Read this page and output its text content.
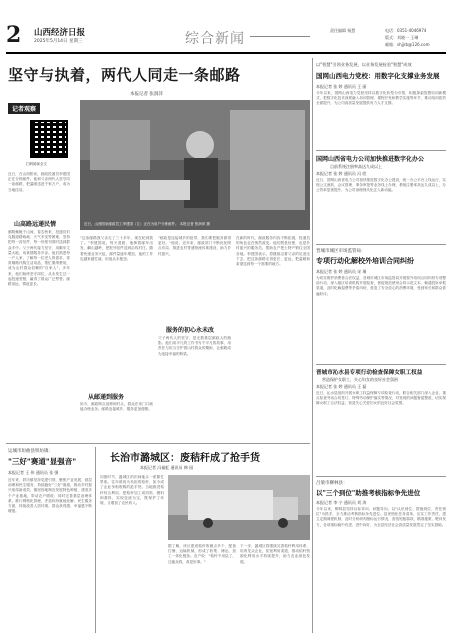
2 山西经济日报
2025年5月14日 星期三	综合新闻
责任编辑 杨慧	电话：0351-4046974
版式：刘晓一 王琳
邮箱：shjjrb@126.com
坚守与执着，两代人同走一条邮路
本报记者 张润萍
记者观察
扫码阅读全文
近日，在山西阳泉，邮政投递员李建国正在分拣邮件。他和父亲两代人坚守同一条邮路，把温暖送进千家万户，成为当地佳话。
山高路远递民情
邮路蜿蜒于山间，春去秋来，投递员们克服道路崎岖、天气多变等困难，坚持把每一封信件、每一份报刊准时送到群众手中。父子两代接力坚守，用脚步丈量大地，用真情服务乡亲。他们熟悉每一户人家，了解每一位老人的需求，常常顺路代购生活用品、帮忙缴纳费用，成为山村群众信赖的"自家人"。多年来，他们始终坚守岗位，从未发生过一起投递差错，赢得了群众广泛赞誉。邮路虽远，情谊更长。
近日，山西阳泉邮政员工李建国（左）正在为用户分拣邮件。 本报记者 张润萍 摄
"这条邮路我父亲走了三十多年，现在轮到我了。"李建国说。每天清晨，他骑着邮车出发，翻山越岭，把报刊信件送到沿线村庄。随着快递业务兴起，邮件量逐年增加，他的工作也越来越忙碌，但他从未抱怨。
从邮递到服务
如今，邮政网点延伸到村头，群众在家门口就能办理业务。邮路连接城乡，服务更加便捷。
"邮政是连接城乡的纽带，我们要把服务做得更好。"他说。近年来，邮政部门不断优化网点布局，推进农村寄递物流体系建设，助力乡村振兴。
服务的初心永未改
父子两代人的坚守，是无数基层邮政人的缩影。他们用平凡的工作书写不平凡的故事，用责任与担当守护着山村群众的期盼，让邮路成为连接幸福的桥梁。
在新的时代，邮政服务内容不断拓展，投递员的角色也在悄然改变。他们既是信使，也是乡村振兴的服务员，帮助农户把土特产销往全国各地。李建国表示，将继续沿着父亲的足迹走下去，把这条邮路走得更长、更远，把温暖和希望送到每一个需要的地方。
运城市垣曲县铁坊镇：
"三好"赛道"显强音"
本报记者 王 伟 通讯员 张 强
近年来，铁坊镇坚持党建引领，聚焦产业发展、基层治理和民生服务，持续跑好"三好"赛道，推动乡村振兴取得新成效。镇里因地制宜发展特色种植，建成多个产业基地，带动农户增收；同时完善基层治理体系，推行网格化管理，矛盾纠纷就地化解；民生服务方面，持续改善人居环境，群众获得感、幸福感不断增强。
长治市潞城区：废秸秆成了抢手货
本报记者 冯福虹 通讯员 韩 园
初夏时节，潞城区的田间地头一派繁忙景象。往年被视为负担的秸秆，如今成了企业争相收购的抢手货。当地推进秸秆综合利用，把秸秆加工成饲料、燃料和基料，实现变废为宝，既保护了环境，又增加了农民收入。
据了解，该区建成秸秆收储点多个，配备打捆、运输机械，形成了收集、储运、加工一体化链条。农户说："秸秆不用烧了，还能卖钱，真是好事。"
下一步，潞城区将继续完善秸秆利用体系，培育龙头企业，拓宽利用渠道，推动秸秆资源化利用水平持续提升，助力农业绿色发展。
以"智慧"引领业务发展，以业务发展检验"智慧"成效
国网山西电力党校：用数字化支撑业务发展
本报记者 张 婷 通讯员 王 丽
今年以来，国网山西电力党校坚持以数字化转型为引领，积极探索智慧培训新模式，把数字化技术深度融入培训管理、课程开发和教学实施等环节，推动培训质效全面提升，为公司高质量发展提供有力人才支撑。
国网山西省电力公司加快推进数字化办公
目前系统注册率高达九成以上
本报记者 张 婷 通讯员 冯 欣
近日，国网山西省电力公司加快推进数字化办公建设，统一办公平台上线运行，实现公文流转、会议管理、事务审批等业务线上办理，系统注册率高达九成以上，办公效率显著提升，为公司治理现代化注入新动能。
晋城市城区市场监管局：
专项行动化解校外培训合同纠纷
本报记者 张 婷 通讯员 宋 瑞
为切实维护消费者合法权益，晋城市城区市场监管局开展校外培训合同纠纷专项整治行动，深入辖区培训机构开展检查，督促规范使用合同示范文本，畅通投诉举报渠道，及时化解退费等矛盾纠纷，营造了安全放心的消费环境，受到家长和群众普遍好评。
晋城市沁水县专项行动检查保障女职工权益
营造保护女职工，关心妇女的良好社会氛围
本报记者 张 婷 通讯员 王 磊
近日，沁水县组织开展女职工权益保障专项检查行动，联合相关部门深入企业，重点检查劳动合同签订、特殊劳动保护落实等情况，对发现的问题督促整改，切实保障女职工合法权益，营造关心关爱妇女的良好社会氛围。
吕梁市柳林县：
以"三个到位"助推考核指标争先进位
本报记者 李 宁 通讯员 刘 涛
今年以来，柳林县坚持目标导向、问题导向，以"认识到位、措施到位、责任到位"为抓手，全力推动考核指标争先进位。县里细化任务清单，压实工作责任，建立定期调度机制，及时分析研判指标运行情况，查找短板弱项，精准施策、靶向发力，各项指标稳中有进、进中向好，为全县经济社会高质量发展奠定了坚实基础。
